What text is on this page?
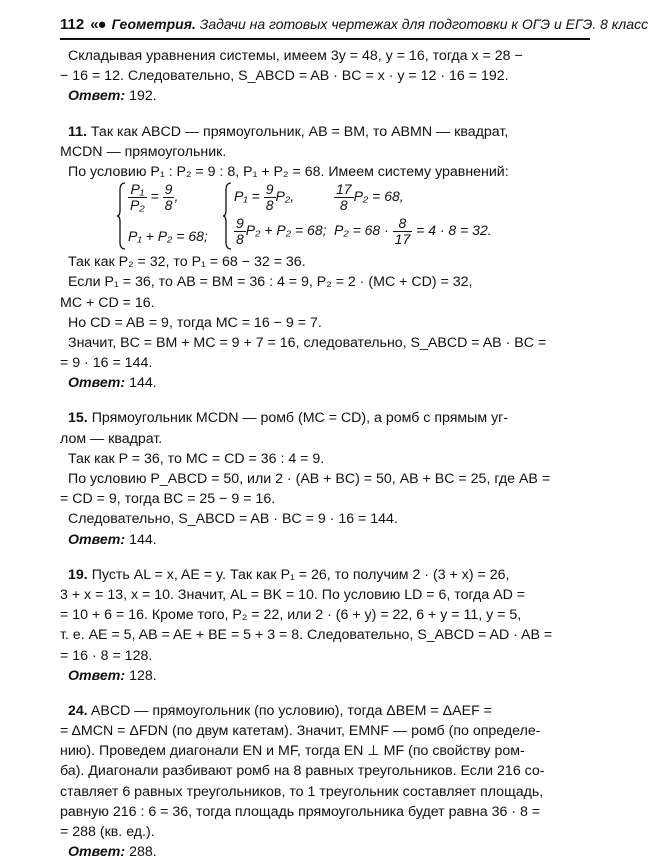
112 «● Геометрия. Задачи на готовых чертежах для подготовки к ОГЭ и ЕГЭ. 8 класс
Складывая уравнения системы, имеем 3y = 48, y = 16, тогда x = 28 −
− 16 = 12. Следовательно, S_ABCD = AB · BC = x · y = 12 · 16 = 192.
Ответ: 192.
11. Так как ABCD — прямоугольник, AB = BM, то ABMN — квадрат,
MCDN — прямоугольник.
По условию P₁ : P₂ = 9 : 8, P₁ + P₂ = 68. Имеем систему уравнений:
$\frac{\text{P₁}}{\text{P₂}} = \frac{9}{8}$ ,
P₁ + P₂ = 68;
$P_1 = \frac{9}{8} P_2$,
$\frac{9}{8} P_2 + P_2 = 68$;
$\frac{17}{8} P_2 = 68$,
$P_2 = 68 \cdot \frac{8}{17} = 4 \cdot 8 = 32$.
Так как P₂ = 32, то P₁ = 68 − 32 = 36.
Если P₁ = 36, то AB = BM = 36 : 4 = 9, P₂ = 2 · (MC + CD) = 32,
MC + CD = 16.
Но CD = AB = 9, тогда MC = 16 − 9 = 7.
Значит, BC = BM + MC = 9 + 7 = 16, следовательно, S_ABCD = AB · BC =
= 9 · 16 = 144.
Ответ: 144.
15. Прямоугольник MCDN — ромб (MC = CD), а ромб с прямым уг-
лом — квадрат.
Так как P = 36, то MC = CD = 36 : 4 = 9.
По условию P_ABCD = 50, или 2 · (AB + BC) = 50, AB + BC = 25, где AB =
= CD = 9, тогда BC = 25 − 9 = 16.
Следовательно, S_ABCD = AB · BC = 9 · 16 = 144.
Ответ: 144.
19. Пусть AL = x, AE = y. Так как P₁ = 26, то получим 2 · (3 + x) = 26,
3 + x = 13, x = 10. Значит, AL = BK = 10. По условию LD = 6, тогда AD =
= 10 + 6 = 16. Кроме того, P₂ = 22, или 2 · (6 + y) = 22, 6 + y = 11, y = 5,
т. е. AE = 5, AB = AE + BE = 5 + 3 = 8. Следовательно, S_ABCD = AD · AB =
= 16 · 8 = 128.
Ответ: 128.
24. ABCD — прямоугольник (по условию), тогда ΔBEM = ΔAEF =
= ΔMCN = ΔFDN (по двум катетам). Значит, EMNF — ромб (по определе-
нию). Проведем диагонали EN и MF, тогда EN ⊥ MF (по свойству ром-
ба). Диагонали разбивают ромб на 8 равных треугольников. Если 216 со-
ставляет 6 равных треугольников, то 1 треугольник составляет площадь,
равную 216 : 6 = 36, тогда площадь прямоугольника будет равна 36 · 8 =
= 288 (кв. ед.).
Ответ: 288.
